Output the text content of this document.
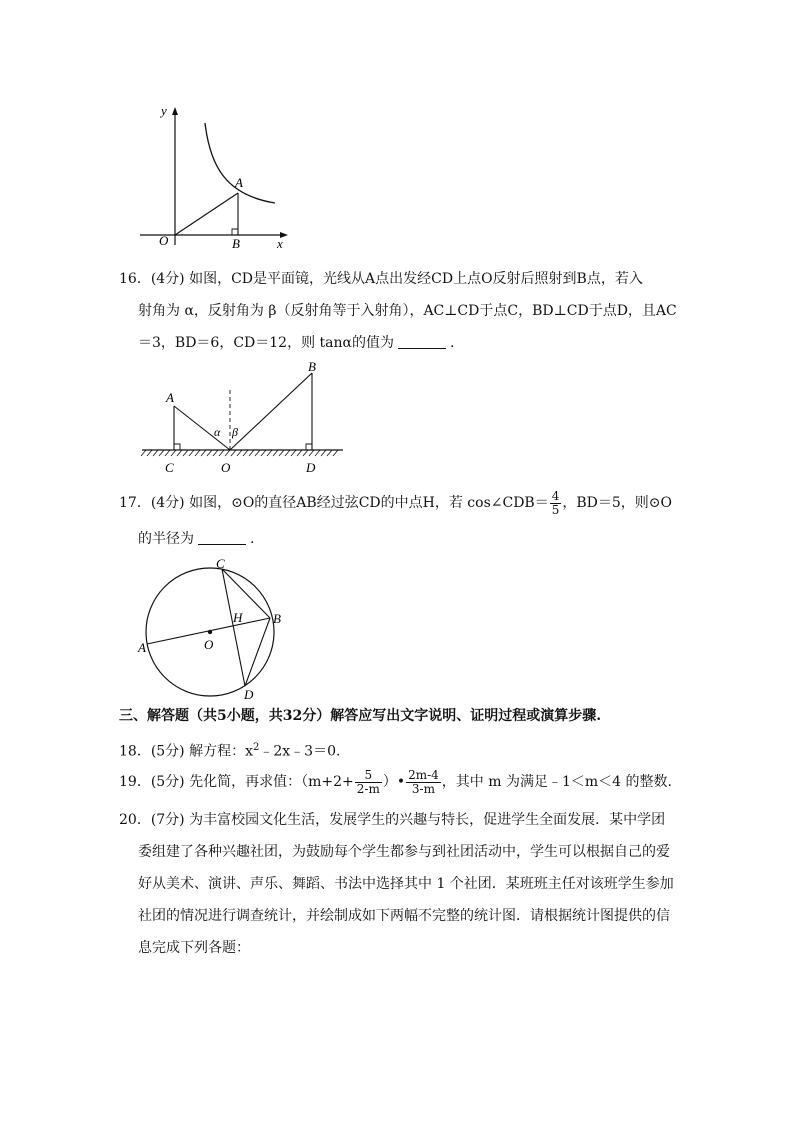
y
x
O
A
B
16．(4分) 如图，CD是平面镜，光线从A点出发经CD上点O反射后照射到B点，若入
射角为 α，反射角为 β（反射角等于入射角），AC⊥CD于点C，BD⊥CD于点D，且AC
＝3，BD＝6，CD＝12，则 tanα的值为	.
A
B
C	O	D
α β
17．(4分) 如图，⊙O的直径AB经过弦CD的中点H，若 cos∠CDB＝ $\frac{4}{5}$ ，BD＝5，则⊙O
的半径为	.
A
B
C
D
H
O
三、解答题（共5小题，共32分）解答应写出文字说明、证明过程或演算步骤.
18．(5分) 解方程：$x^2﹣2x﹣3=0$.
19．(5分) 先化简，再求值：（$m+2+ \frac{5}{2-m}$ ）• $\frac{2m-4}{3-m}$ ，其中 m 为满足﹣1＜m＜4 的整数.
20．(7分) 为丰富校园文化生活，发展学生的兴趣与特长，促进学生全面发展．某中学团
委组建了各种兴趣社团，为鼓励每个学生都参与到社团活动中，学生可以根据自己的爱
好从美术、演讲、声乐、舞蹈、书法中选择其中 1 个社团．某班班主任对该班学生参加
社团的情况进行调查统计，并绘制成如下两幅不完整的统计图．请根据统计图提供的信
息完成下列各题：
